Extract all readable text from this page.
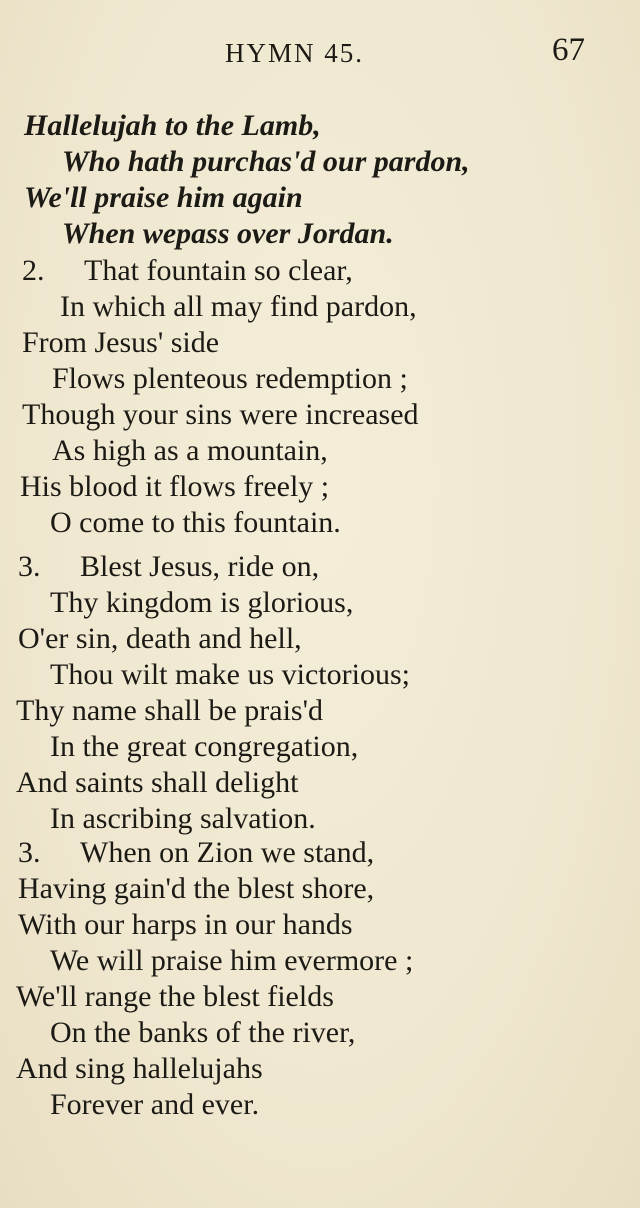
HYMN 45.	67
Hallelujah to the Lamb,
Who hath purchas'd our pardon,
We'll praise him again
When wepass over Jordan.
2. That fountain so clear,
In which all may find pardon,
From Jesus' side
Flows plenteous redemption ;
Though your sins were increased
As high as a mountain,
His blood it flows freely ;
O come to this fountain.
3. Blest Jesus, ride on,
Thy kingdom is glorious,
O'er sin, death and hell,
Thou wilt make us victorious;
Thy name shall be prais'd
In the great congregation,
And saints shall delight
In ascribing salvation.
3. When on Zion we stand,
Having gain'd the blest shore,
With our harps in our hands
We will praise him evermore ;
We'll range the blest fields
On the banks of the river,
And sing hallelujahs
Forever and ever.
